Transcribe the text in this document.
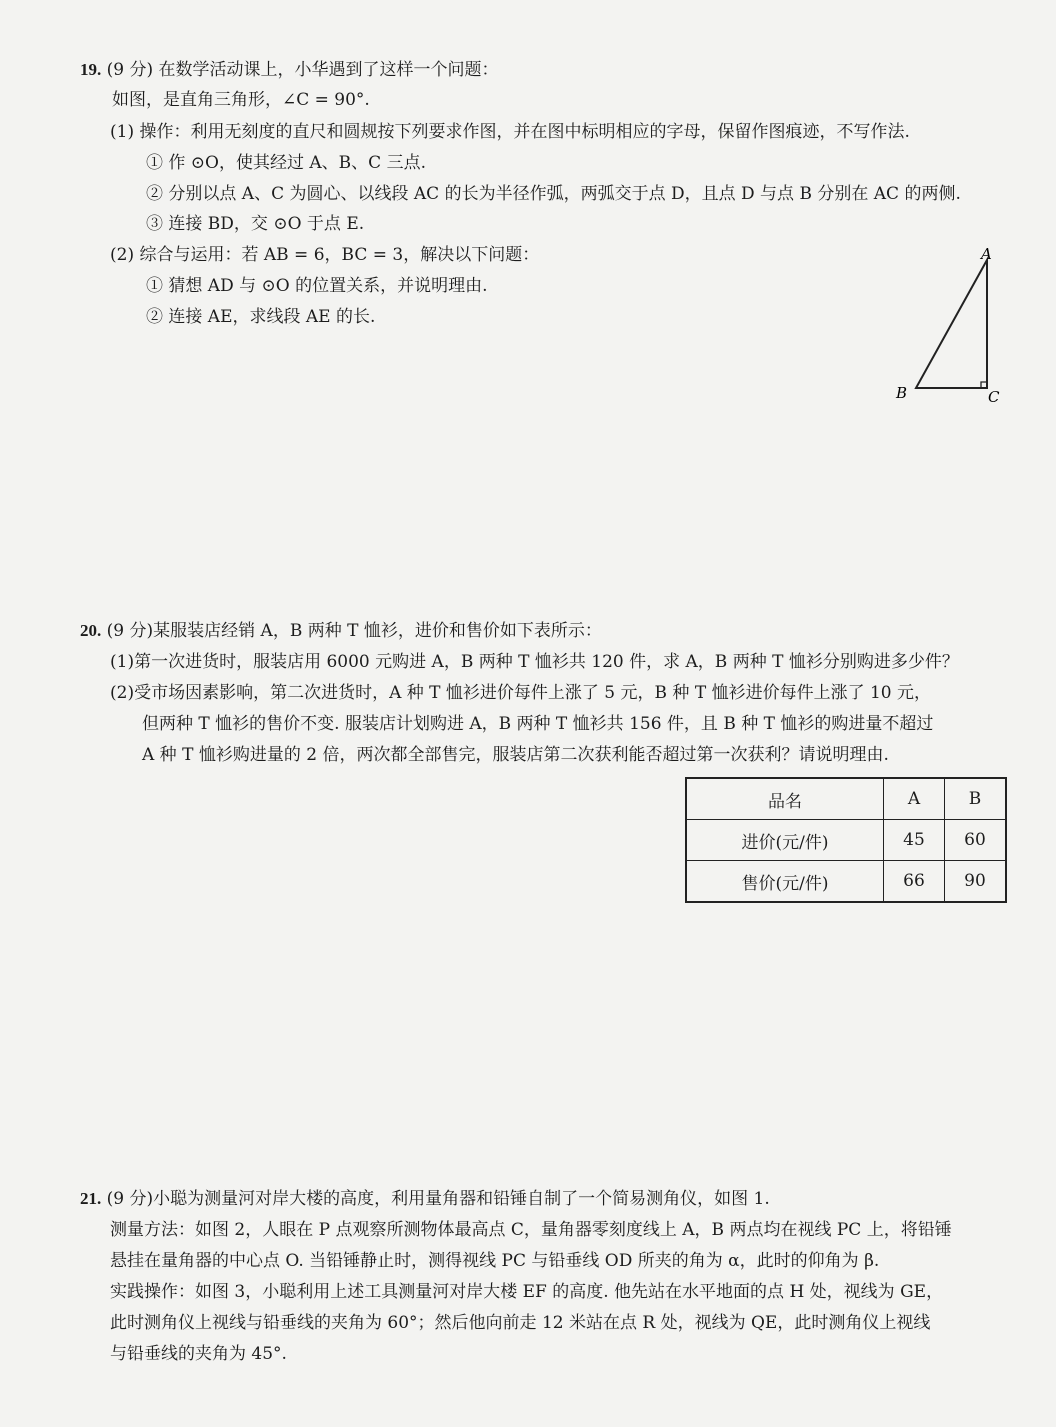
19. (9 分) 在数学活动课上，小华遇到了这样一个问题：
如图，是直角三角形，∠C = 90°.
(1) 操作：利用无刻度的直尺和圆规按下列要求作图，并在图中标明相应的字母，保留作图痕迹，不写作法.
① 作 ⊙O，使其经过 A、B、C 三点.
② 分别以点 A、C 为圆心、以线段 AC 的长为半径作弧，两弧交于点 D，且点 D 与点 B 分别在 AC 的两侧.
③ 连接 BD，交 ⊙O 于点 E.
(2) 综合与运用：若 AB = 6，BC = 3，解决以下问题：
① 猜想 AD 与 ⊙O 的位置关系，并说明理由.
② 连接 AE，求线段 AE 的长.
A
B	C
20. (9 分)某服装店经销 A，B 两种 T 恤衫，进价和售价如下表所示：
(1)第一次进货时，服装店用 6000 元购进 A，B 两种 T 恤衫共 120 件，求 A，B 两种 T 恤衫分别购进多少件？
(2)受市场因素影响，第二次进货时，A 种 T 恤衫进价每件上涨了 5 元，B 种 T 恤衫进价每件上涨了 10 元，
但两种 T 恤衫的售价不变. 服装店计划购进 A，B 两种 T 恤衫共 156 件，且 B 种 T 恤衫的购进量不超过
A 种 T 恤衫购进量的 2 倍，两次都全部售完，服装店第二次获利能否超过第一次获利？请说明理由.
品名	A	B
进价(元/件)	45	60
售价(元/件)	66	90
21. (9 分)小聪为测量河对岸大楼的高度，利用量角器和铅锤自制了一个简易测角仪，如图 1.
测量方法：如图 2，人眼在 P 点观察所测物体最高点 C，量角器零刻度线上 A，B 两点均在视线 PC 上，将铅锤
悬挂在量角器的中心点 O. 当铅锤静止时，测得视线 PC 与铅垂线 OD 所夹的角为 α，此时的仰角为 β.
实践操作：如图 3，小聪利用上述工具测量河对岸大楼 EF 的高度. 他先站在水平地面的点 H 处，视线为 GE，
此时测角仪上视线与铅垂线的夹角为 60°；然后他向前走 12 米站在点 R 处，视线为 QE，此时测角仪上视线
与铅垂线的夹角为 45°.
